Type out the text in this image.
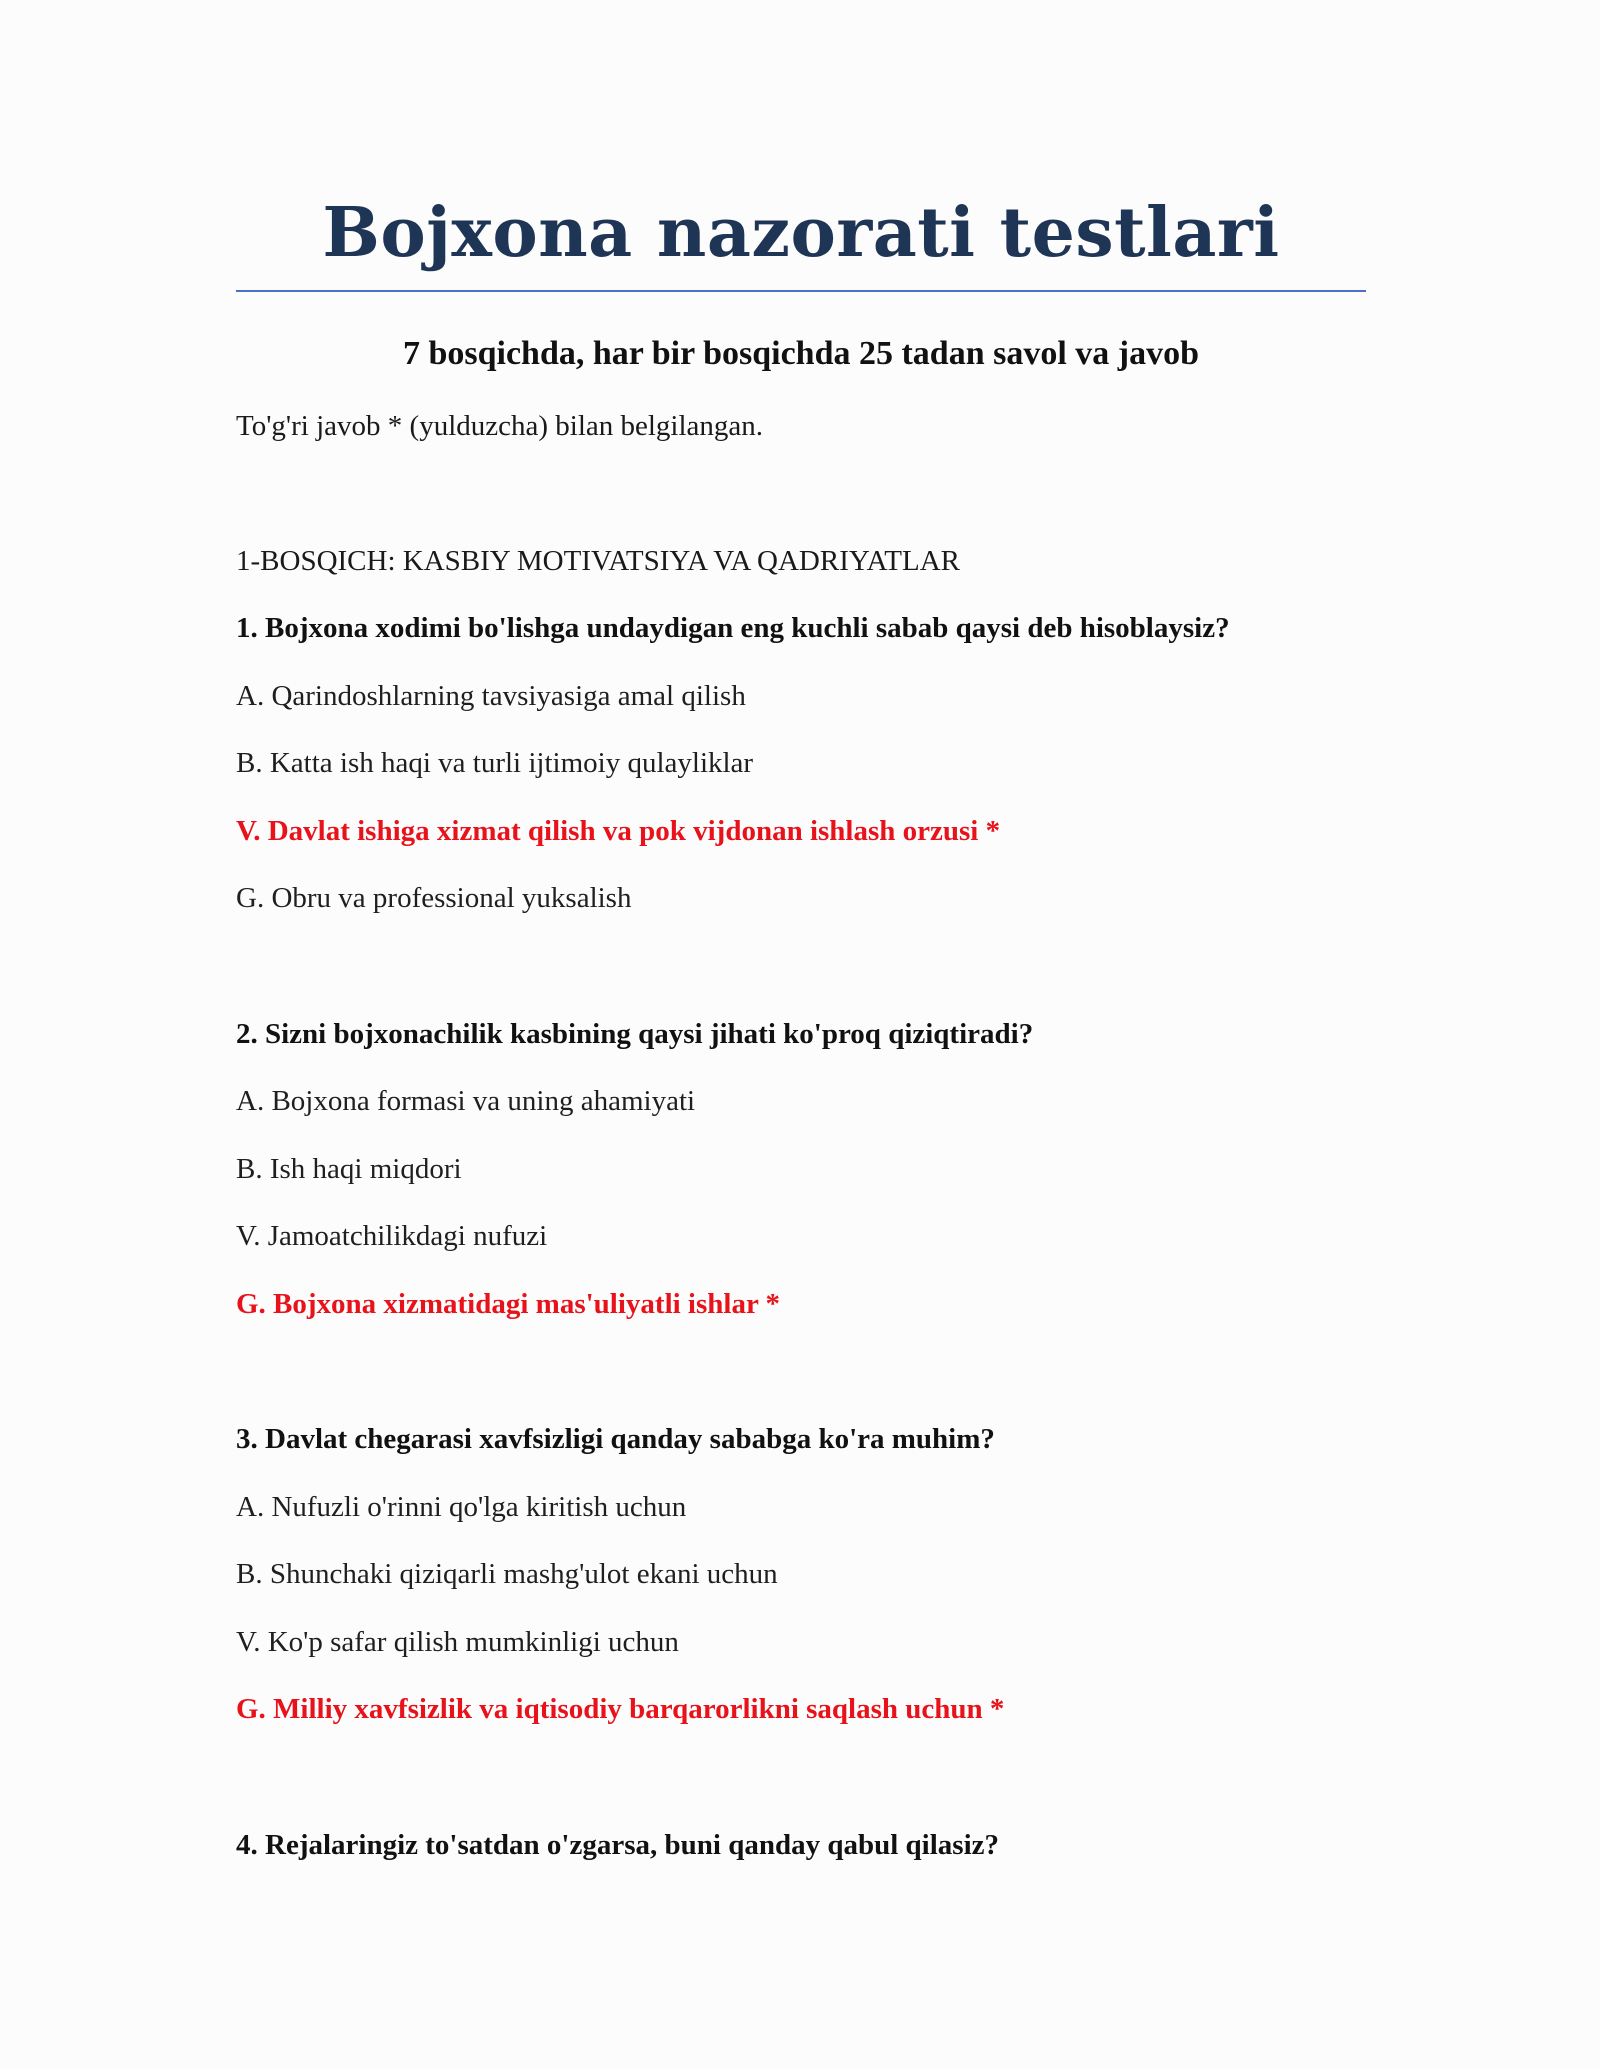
Bojxona nazorati testlari
7 bosqichda, har bir bosqichda 25 tadan savol va javob

To'g'ri javob * (yulduzcha) bilan belgilangan.

1-BOSQICH: KASBIY MOTIVATSIYA VA QADRIYATLAR

1. Bojxona xodimi bo'lishga undaydigan eng kuchli sabab qaysi deb hisoblaysiz?

A. Qarindoshlarning tavsiyasiga amal qilish

B. Katta ish haqi va turli ijtimoiy qulayliklar

V. Davlat ishiga xizmat qilish va pok vijdonan ishlash orzusi *

G. Obru va professional yuksalish

2. Sizni bojxonachilik kasbining qaysi jihati ko'proq qiziqtiradi?

A. Bojxona formasi va uning ahamiyati

B. Ish haqi miqdori

V. Jamoatchilikdagi nufuzi

G. Bojxona xizmatidagi mas'uliyatli ishlar *

3. Davlat chegarasi xavfsizligi qanday sababga ko'ra muhim?

A. Nufuzli o'rinni qo'lga kiritish uchun

B. Shunchaki qiziqarli mashg'ulot ekani uchun

V. Ko'p safar qilish mumkinligi uchun

G. Milliy xavfsizlik va iqtisodiy barqarorlikni saqlash uchun *

4. Rejalaringiz to'satdan o'zgarsa, buni qanday qabul qilasiz?
